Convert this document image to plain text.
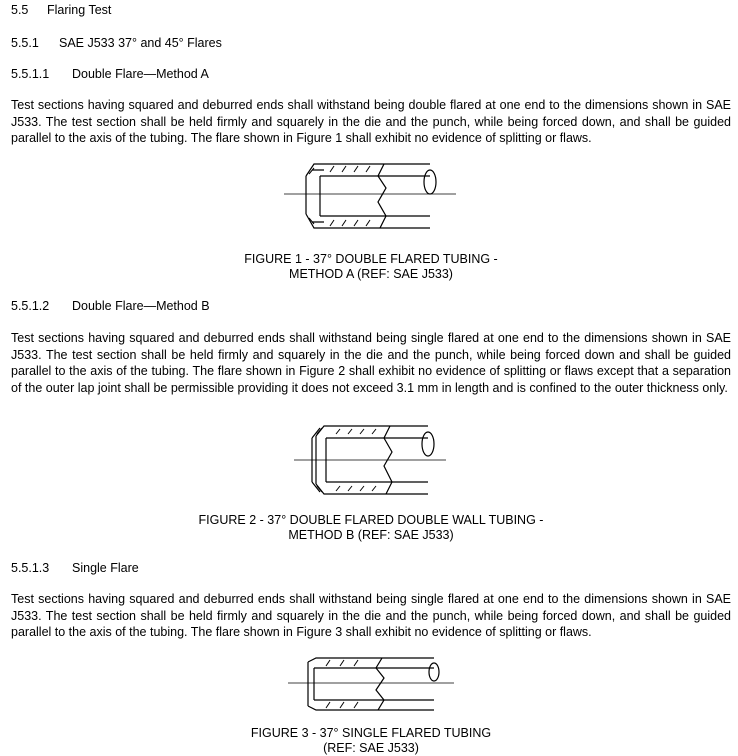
5.5 Flaring Test
5.5.1 SAE J533 37° and 45° Flares
5.5.1.1 Double Flare—Method A
Test sections having squared and deburred ends shall withstand being double flared at one end to the dimensions shown in SAE J533. The test section shall be held firmly and squarely in the die and the punch, while being forced down, and shall be guided parallel to the axis of the tubing. The flare shown in Figure 1 shall exhibit no evidence of splitting or flaws.
FIGURE 1 - 37° DOUBLE FLARED TUBING -
METHOD A (REF: SAE J533)
5.5.1.2 Double Flare—Method B
Test sections having squared and deburred ends shall withstand being single flared at one end to the dimensions shown in SAE J533. The test section shall be held firmly and squarely in the die and the punch, while being forced down and shall be guided parallel to the axis of the tubing. The flare shown in Figure 2 shall exhibit no evidence of splitting or flaws except that a separation of the outer lap joint shall be permissible providing it does not exceed 3.1 mm in length and is confined to the outer thickness only.
FIGURE 2 - 37° DOUBLE FLARED DOUBLE WALL TUBING -
METHOD B (REF: SAE J533)
5.5.1.3 Single Flare
Test sections having squared and deburred ends shall withstand being single flared at one end to the dimensions shown in SAE J533. The test section shall be held firmly and squarely in the die and the punch, while being forced down, and shall be guided parallel to the axis of the tubing. The flare shown in Figure 3 shall exhibit no evidence of splitting or flaws.
FIGURE 3 - 37° SINGLE FLARED TUBING
(REF: SAE J533)
